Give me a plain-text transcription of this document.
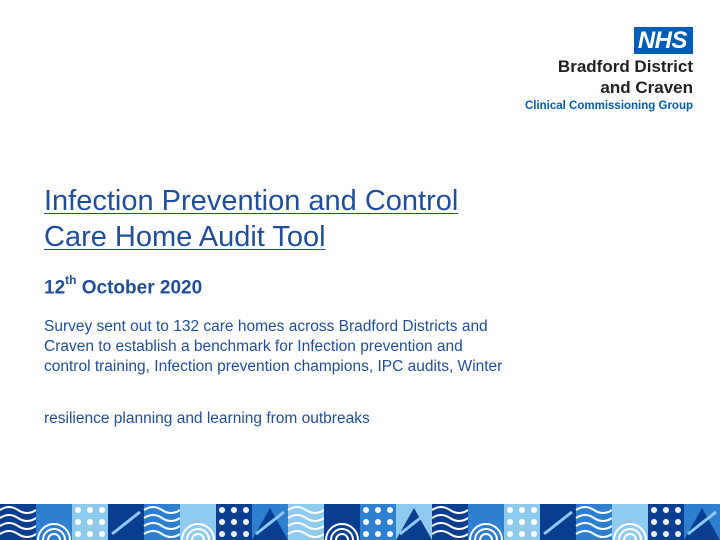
NHS
Bradford District
and Craven
Clinical Commissioning Group
Infection Prevention and Control
Care Home Audit Tool
12th October 2020
Survey sent out to 132 care homes across Bradford Districts and
Craven to establish a benchmark for Infection prevention and
control training, Infection prevention champions, IPC audits, Winter
resilience planning and learning from outbreaks
